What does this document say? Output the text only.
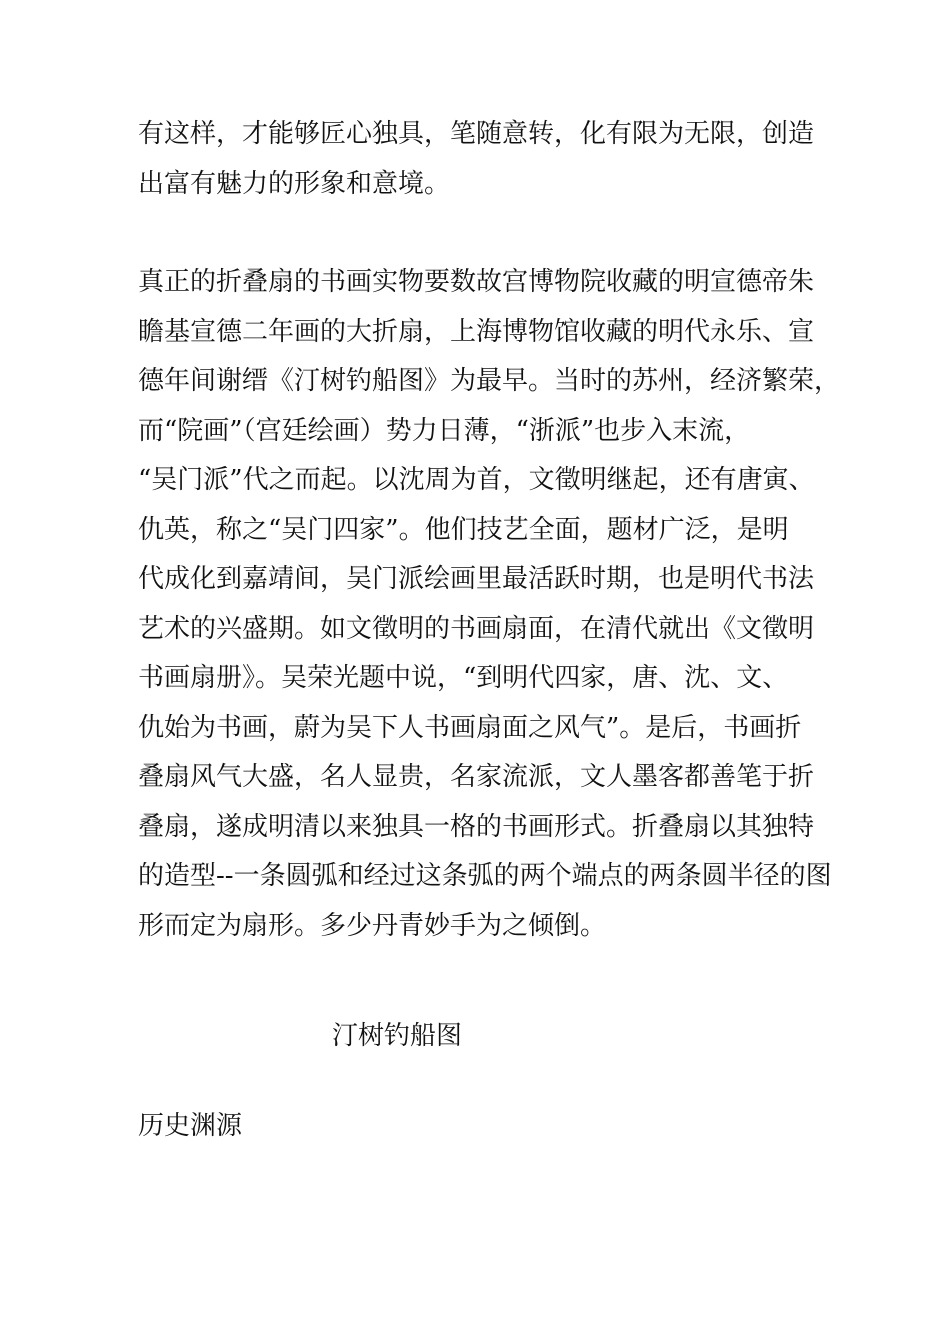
有这样，才能够匠心独具，笔随意转，化有限为无限，创造
出富有魅力的形象和意境。

真正的折叠扇的书画实物要数故宫博物院收藏的明宣德帝朱
瞻基宣德二年画的大折扇，上海博物馆收藏的明代永乐、宣
德年间谢缙《汀树钓船图》为最早。当时的苏州，经济繁荣，
而“院画”（宫廷绘画）势力日薄，“浙派”也步入末流，
“吴门派”代之而起。以沈周为首，文徵明继起，还有唐寅、
仇英，称之“吴门四家”。他们技艺全面，题材广泛，是明
代成化到嘉靖间，吴门派绘画里最活跃时期，也是明代书法
艺术的兴盛期。如文徵明的书画扇面，在清代就出《文徵明
书画扇册》。吴荣光题中说，“到明代四家，唐、沈、文、
仇始为书画，蔚为吴下人书画扇面之风气”。是后，书画折
叠扇风气大盛，名人显贵，名家流派，文人墨客都善笔于折
叠扇，遂成明清以来独具一格的书画形式。折叠扇以其独特
的造型--一条圆弧和经过这条弧的两个端点的两条圆半径的图
形而定为扇形。多少丹青妙手为之倾倒。

汀树钓船图

历史渊源
